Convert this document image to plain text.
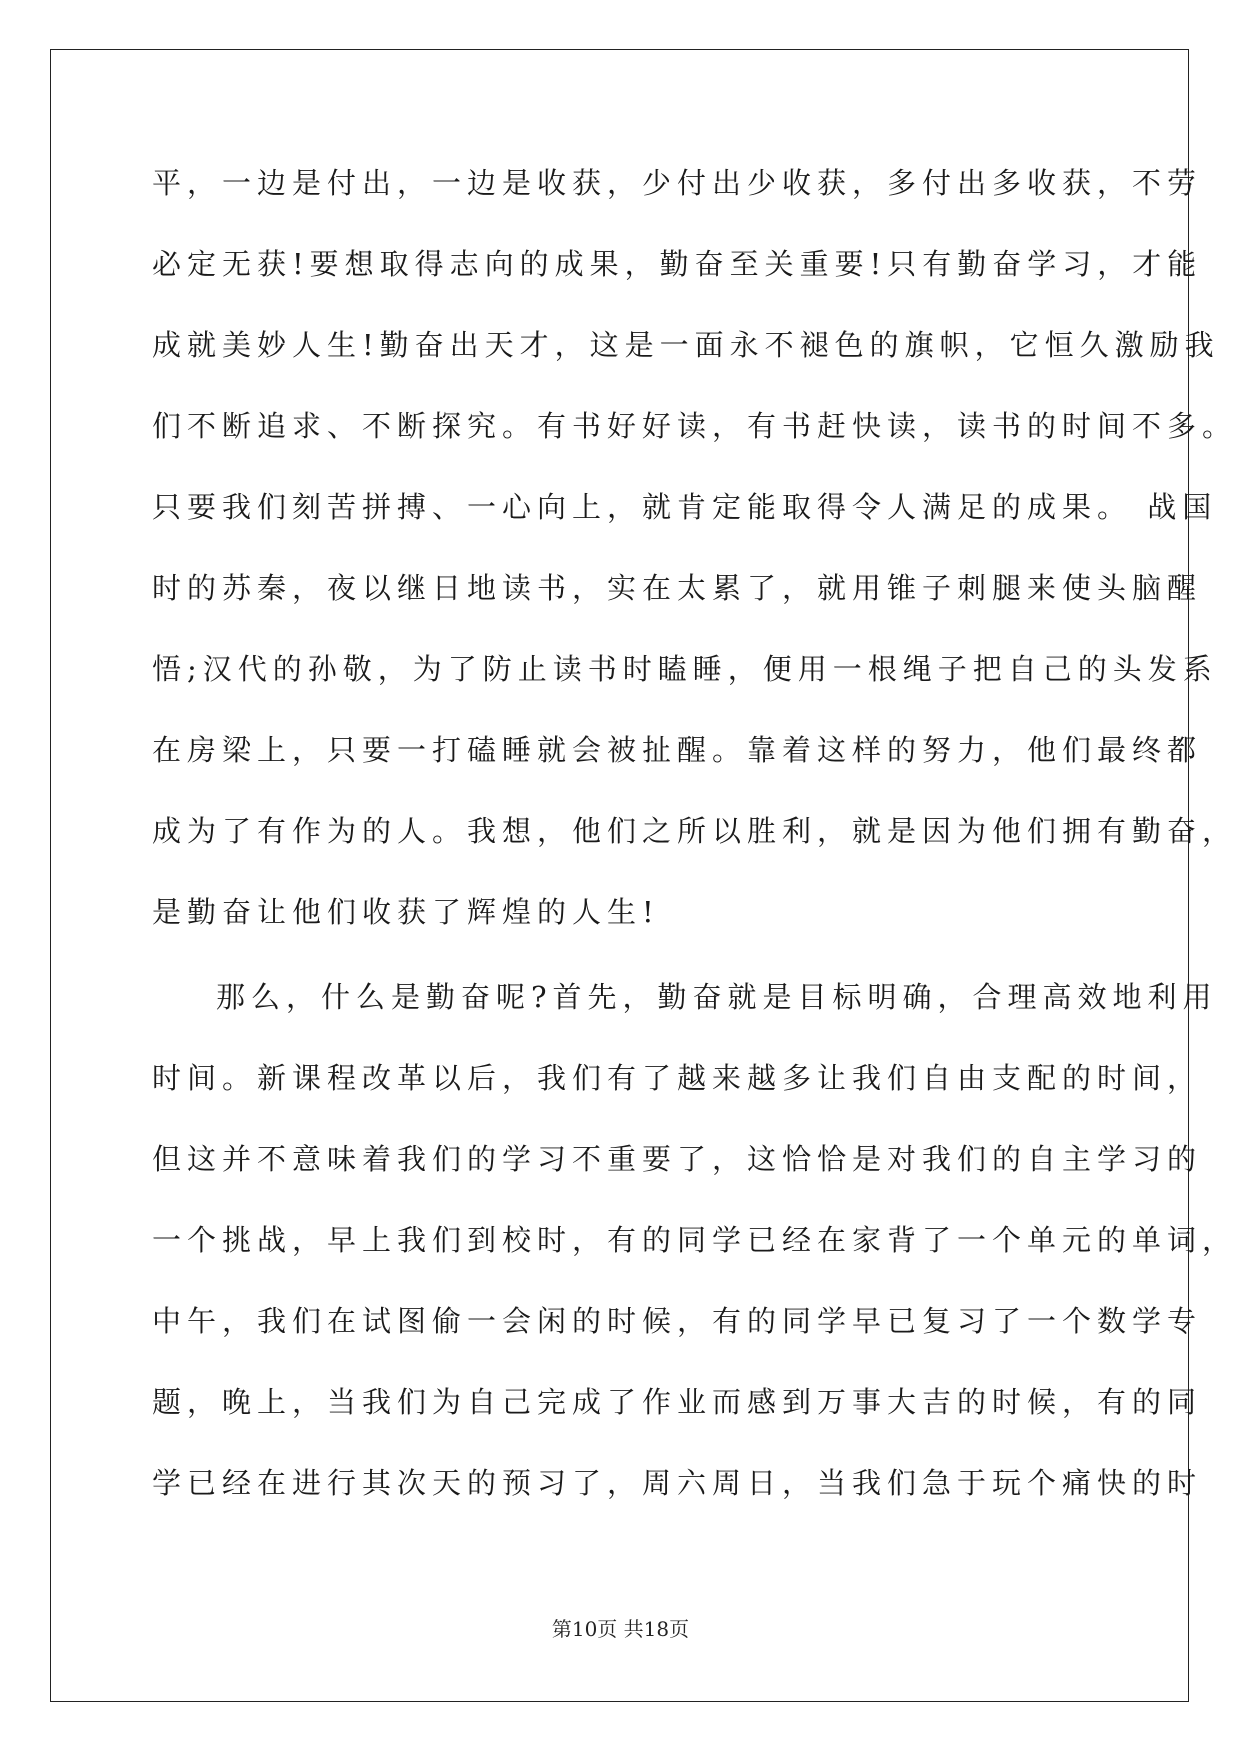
平，一边是付出，一边是收获，少付出少收获，多付出多收获，不劳
必定无获!要想取得志向的成果，勤奋至关重要!只有勤奋学习，才能
成就美妙人生!勤奋出天才，这是一面永不褪色的旗帜，它恒久激励我
们不断追求、不断探究。有书好好读，有书赶快读，读书的时间不多。
只要我们刻苦拼搏、一心向上，就肯定能取得令人满足的成果。 战国
时的苏秦，夜以继日地读书，实在太累了，就用锥子刺腿来使头脑醒
悟;汉代的孙敬，为了防止读书时瞌睡，便用一根绳子把自己的头发系
在房梁上，只要一打磕睡就会被扯醒。靠着这样的努力，他们最终都
成为了有作为的人。我想，他们之所以胜利，就是因为他们拥有勤奋，
是勤奋让他们收获了辉煌的人生!
那么，什么是勤奋呢?首先，勤奋就是目标明确，合理高效地利用
时间。新课程改革以后，我们有了越来越多让我们自由支配的时间，
但这并不意味着我们的学习不重要了，这恰恰是对我们的自主学习的
一个挑战，早上我们到校时，有的同学已经在家背了一个单元的单词，
中午，我们在试图偷一会闲的时候，有的同学早已复习了一个数学专
题，晚上，当我们为自己完成了作业而感到万事大吉的时候，有的同
学已经在进行其次天的预习了，周六周日，当我们急于玩个痛快的时
第10页 共18页
